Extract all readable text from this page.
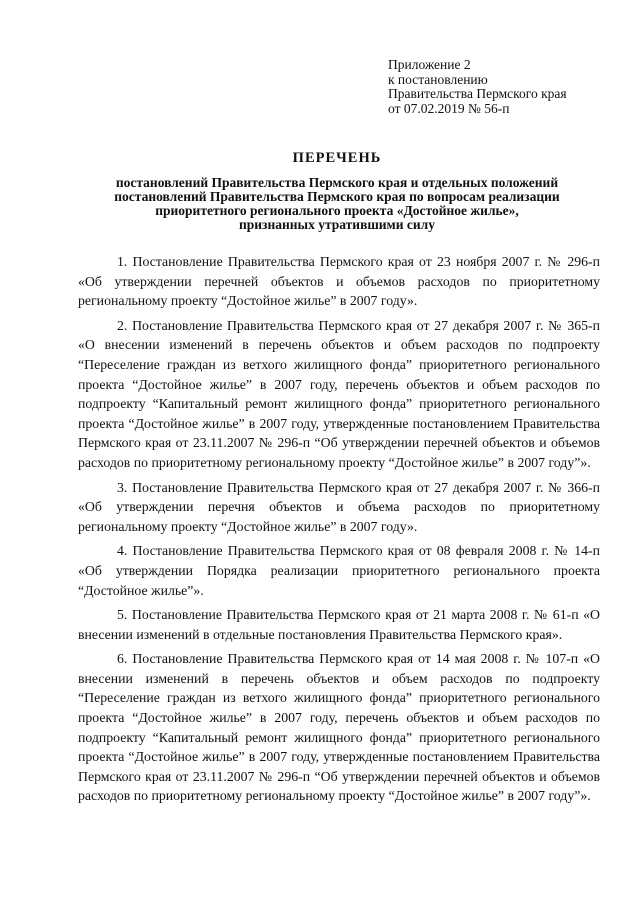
Приложение 2
к постановлению
Правительства Пермского края
от 07.02.2019 № 56-п
ПЕРЕЧЕНЬ
постановлений Правительства Пермского края и отдельных положений
постановлений Правительства Пермского края по вопросам реализации
приоритетного регионального проекта «Достойное жилье»,
признанных утратившими силу

1. Постановление Правительства Пермского края от 23 ноября 2007 г. № 296-п «Об утверждении перечней объектов и объемов расходов по приоритетному региональному проекту “Достойное жилье” в 2007 году».

2. Постановление Правительства Пермского края от 27 декабря 2007 г. № 365-п «О внесении изменений в перечень объектов и объем расходов по подпроекту “Переселение граждан из ветхого жилищного фонда” приоритетного регионального проекта “Достойное жилье” в 2007 году, перечень объектов и объем расходов по подпроекту “Капитальный ремонт жилищного фонда” приоритетного регионального проекта “Достойное жилье” в 2007 году, утвержденные постановлением Правительства Пермского края от 23.11.2007 № 296-п “Об утверждении перечней объектов и объемов расходов по приоритетному региональному проекту “Достойное жилье” в 2007 году”».

3. Постановление Правительства Пермского края от 27 декабря 2007 г. № 366-п «Об утверждении перечня объектов и объема расходов по приоритетному региональному проекту “Достойное жилье” в 2007 году».

4. Постановление Правительства Пермского края от 08 февраля 2008 г. № 14-п «Об утверждении Порядка реализации приоритетного регионального проекта “Достойное жилье”».

5. Постановление Правительства Пермского края от 21 марта 2008 г. № 61-п «О внесении изменений в отдельные постановления Правительства Пермского края».

6. Постановление Правительства Пермского края от 14 мая 2008 г. № 107-п «О внесении изменений в перечень объектов и объем расходов по подпроекту “Переселение граждан из ветхого жилищного фонда” приоритетного регионального проекта “Достойное жилье” в 2007 году, перечень объектов и объем расходов по подпроекту “Капитальный ремонт жилищного фонда” приоритетного регионального проекта “Достойное жилье” в 2007 году, утвержденные постановлением Правительства Пермского края от 23.11.2007 № 296-п “Об утверждении перечней объектов и объемов расходов по приоритетному региональному проекту “Достойное жилье” в 2007 году”».
